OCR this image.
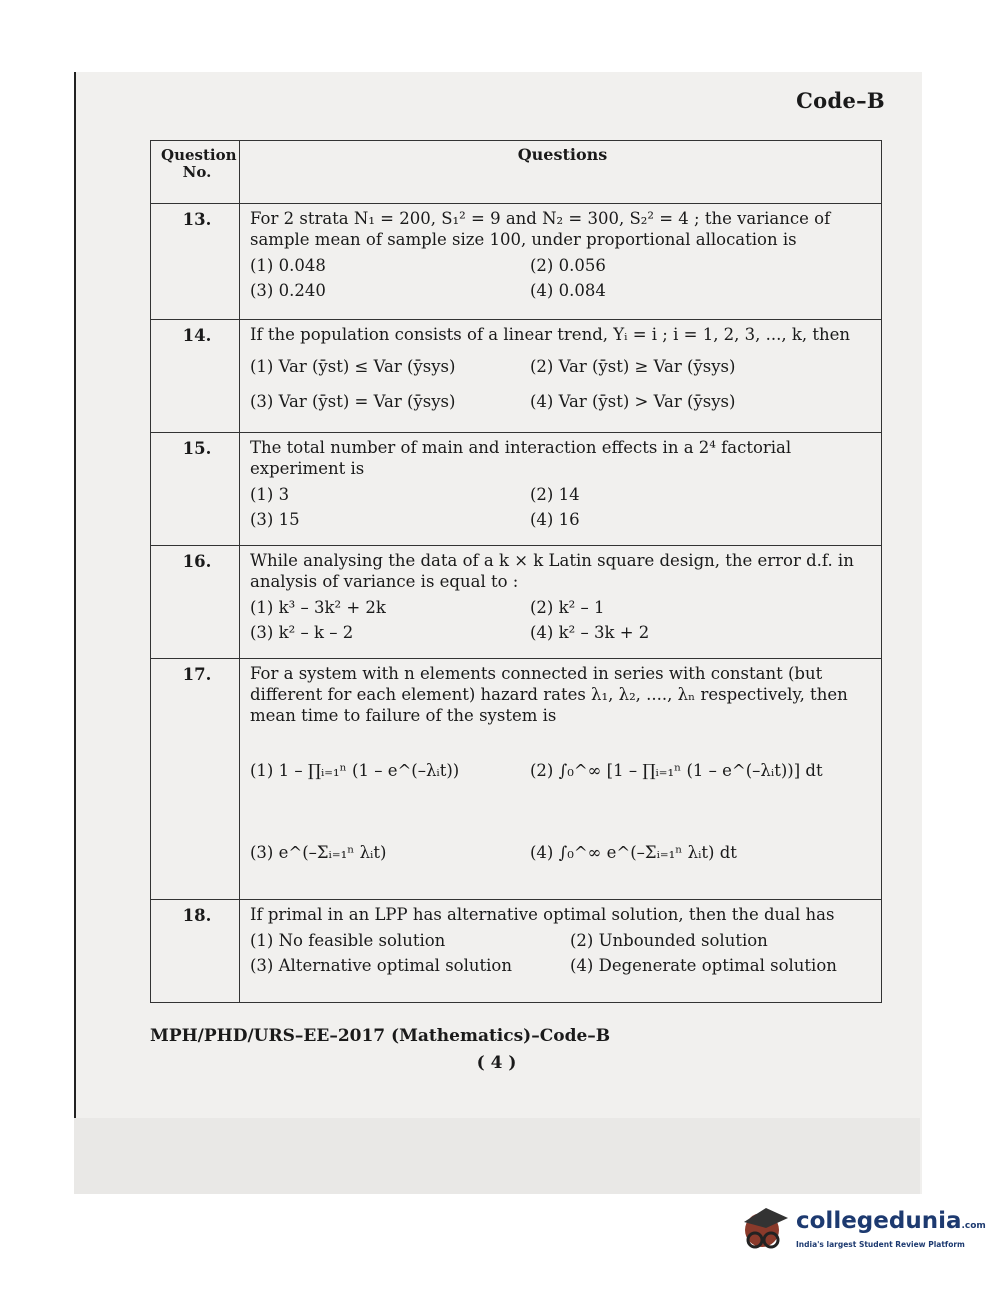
Code–B
Question No.	Questions
13.	For 2 strata N₁ = 200, S₁² = 9 and N₂ = 300, S₂² = 4 ; the variance of sample mean of sample size 100, under proportional allocation is
(1) 0.048 (2) 0.056
(3) 0.240 (4) 0.084

14.	If the population consists of a linear trend, Yᵢ = i ; i = 1, 2, 3, ..., k, then
(1) Var (ȳst) ≤ Var (ȳsys) (2) Var (ȳst) ≥ Var (ȳsys)
(3) Var (ȳst) = Var (ȳsys) (4) Var (ȳst) > Var (ȳsys)

15.	The total number of main and interaction effects in a 2⁴ factorial experiment is
(1) 3 (2) 14
(3) 15 (4) 16

16.	While analysing the data of a k × k Latin square design, the error d.f. in analysis of variance is equal to :
(1) k³ – 3k² + 2k (2) k² – 1
(3) k² – k – 2 (4) k² – 3k + 2

17.	For a system with n elements connected in series with constant (but different for each element) hazard rates λ₁, λ₂, ...., λₙ respectively, then mean time to failure of the system is
(1) 1 – ∏ᵢ₌₁ⁿ (1 – e^(–λᵢt)) (2) ∫₀^∞ [1 – ∏ᵢ₌₁ⁿ (1 – e^(–λᵢt))] dt
(3) e^(–Σᵢ₌₁ⁿ λᵢt) (4) ∫₀^∞ e^(–Σᵢ₌₁ⁿ λᵢt) dt

18.	If primal in an LPP has alternative optimal solution, then the dual has
(1) No feasible solution (2) Unbounded solution
(3) Alternative optimal solution (4) Degenerate optimal solution
MPH/PHD/URS–EE–2017 (Mathematics)–Code–B
( 4 )
collegedunia.com
India's largest Student Review Platform
